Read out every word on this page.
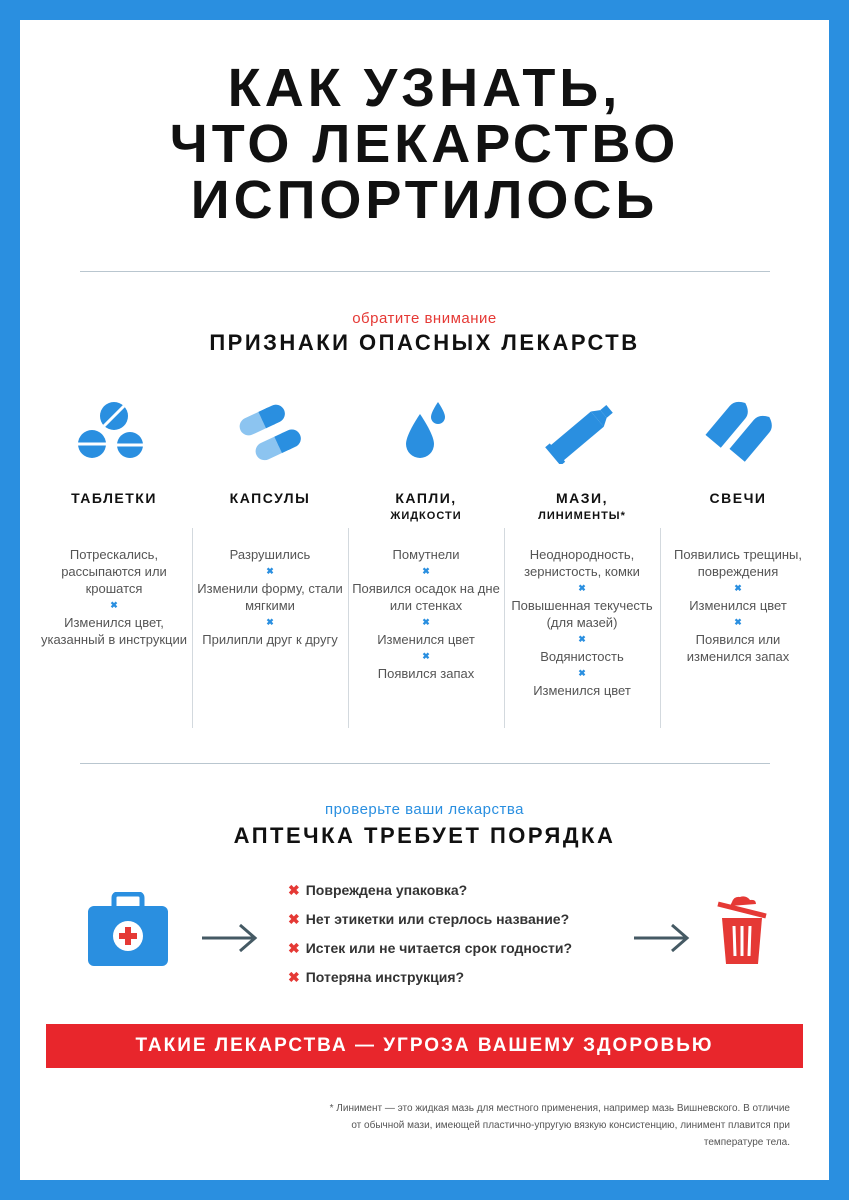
КАК УЗНАТЬ,
ЧТО ЛЕКАРСТВО
ИСПОРТИЛОСЬ
обратите внимание
ПРИЗНАКИ ОПАСНЫХ ЛЕКАРСТВ
ТАБЛЕТКИ
Потрескались, рассыпаются или крошатся
✖
Изменился цвет, указанный в инструкции
КАПСУЛЫ
Разрушились
✖
Изменили форму, стали мягкими
✖
Прилипли друг к другу
КАПЛИ,
ЖИДКОСТИ
Помутнели
✖
Появился осадок на дне или стенках
✖
Изменился цвет
✖
Появился запах
МАЗИ,
ЛИНИМЕНТЫ*
Неоднородность, зернистость, комки
✖
Повышенная текучесть (для мазей)
✖
Водянистость
✖
Изменился цвет
СВЕЧИ
Появились трещины, повреждения
✖
Изменился цвет
✖
Появился или изменился запах
проверьте ваши лекарства
АПТЕЧКА ТРЕБУЕТ ПОРЯДКА
✖ Повреждена упаковка?
✖ Нет этикетки или стерлось название?
✖ Истек или не читается срок годности?
✖ Потеряна инструкция?
ТАКИЕ ЛЕКАРСТВА — УГРОЗА ВАШЕМУ ЗДОРОВЬЮ
* Линимент — это жидкая мазь для местного применения, например мазь Вишневского. В отличие от обычной мази, имеющей пластично-упругую вязкую консистенцию, линимент плавится при температуре тела.
